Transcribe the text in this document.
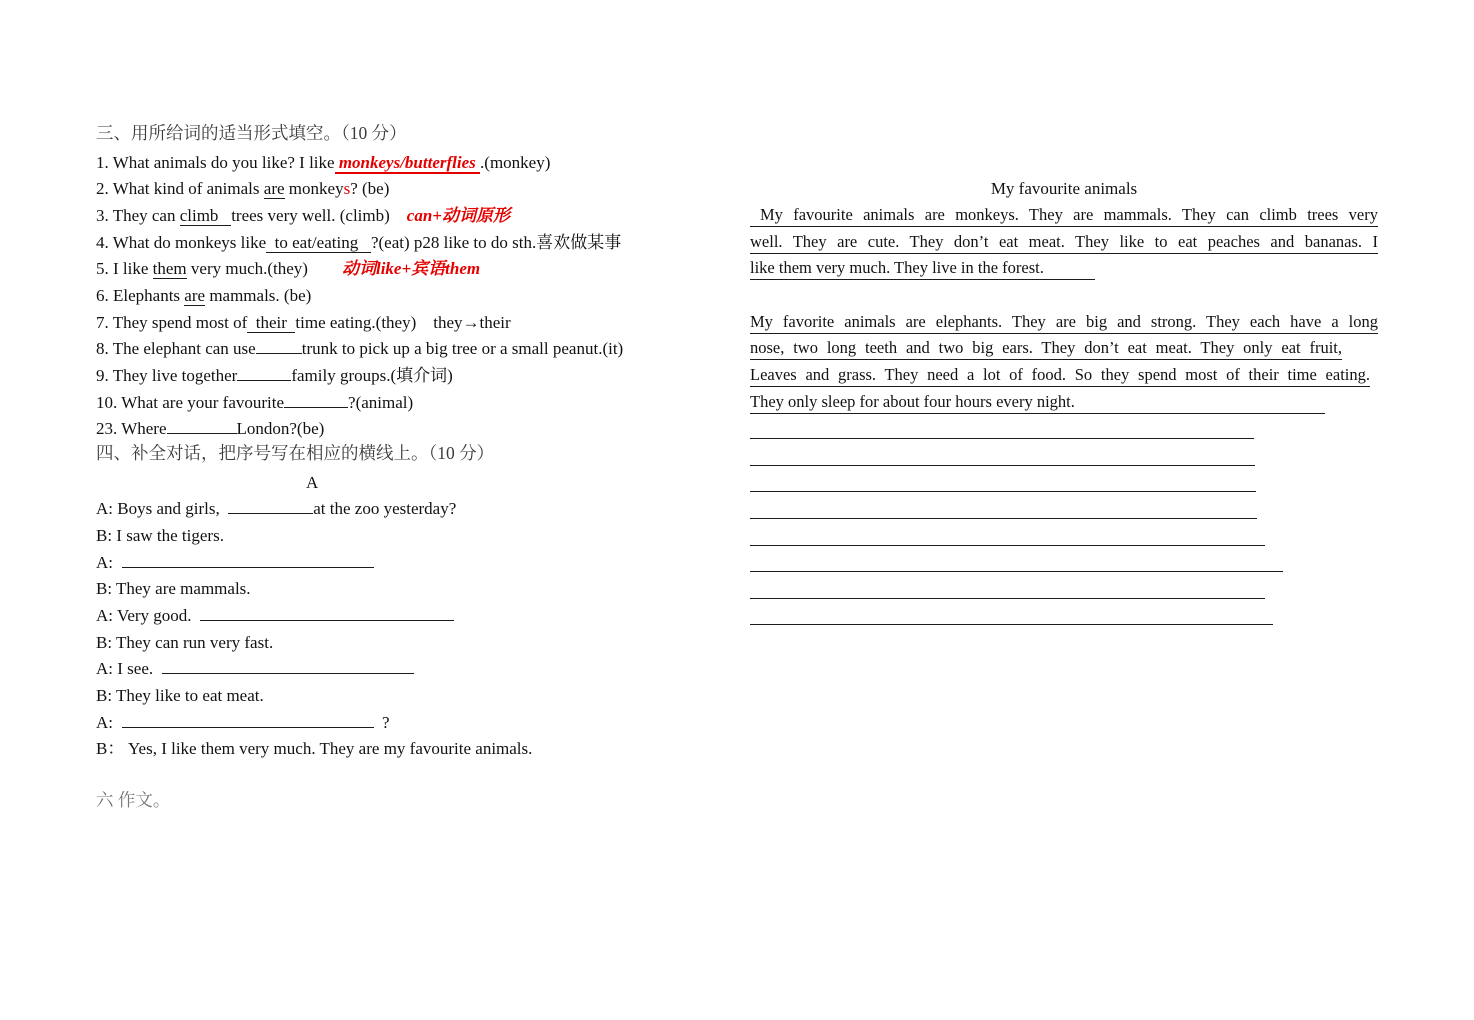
三、用所给词的适当形式填空。（10 分）
1. What animals do you like? I like monkeys/butterflies .(monkey)
2. What kind of animals are monkeys? (be)
3. They can climb   trees very well. (climb)    can+动词原形
4. What do monkeys like  to eat/eating   ?(eat) p28 like to do sth.喜欢做某事
5. I like them very much.(they)        动词like+宾语them
6. Elephants are mammals. (be)
7. They spend most of  their  time eating.(they)    they→their
8. The elephant can use	trunk to pick up a big tree or a small peanut.(it)
9. They live together	family groups.(填介词)
10. What are your favourite	?(animal)
23. Where	London?(be)
四、补全对话，把序号写在相应的横线上。（10 分）
A
A: Boys and girls,	at the zoo yesterday?
B: I saw the tigers.
A:
B: They are mammals.
A: Very good.
B: They can run very fast.
A: I see.
B: They like to eat meat.
A:	?
B： Yes, I like them very much. They are my favourite animals.
六 作文。
My favourite animals
My favourite animals are monkeys. They are mammals. They can climb trees very
well. They are cute. They don’t eat meat. They like to eat peaches and bananas. I
like them very much. They live in the forest.
My favorite animals are elephants. They are big and strong. They each have a long
nose, two long teeth and two big ears. They don’t eat meat. They only eat fruit,
Leaves and grass. They need a lot of food. So they spend most of their time eating.
They only sleep for about four hours every night.
